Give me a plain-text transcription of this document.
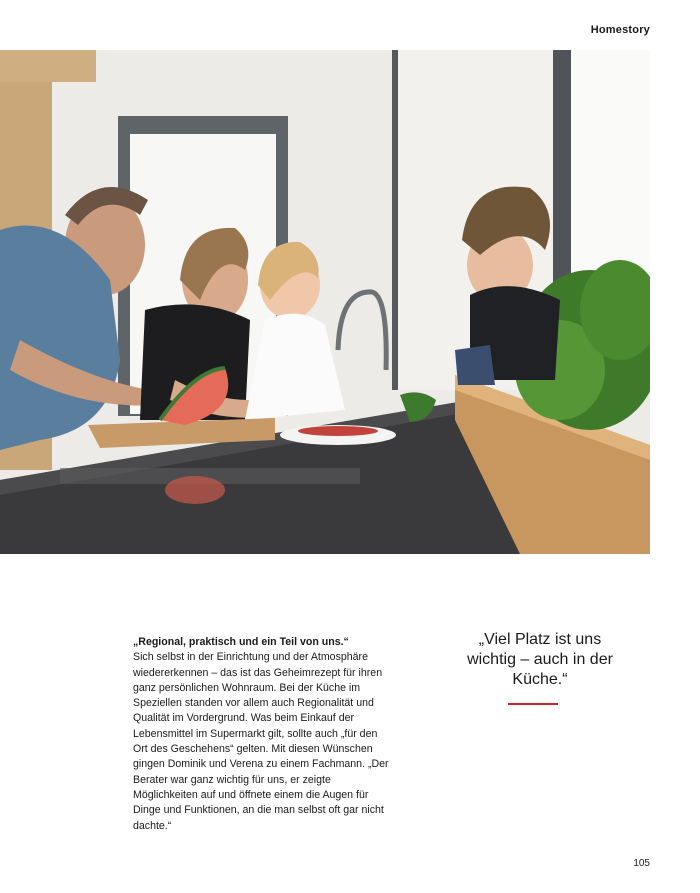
Homestory
„Regional, praktisch und ein Teil von uns.“
Sich selbst in der Einrichtung und der Atmosphäre wiedererkennen – das ist das Geheimrezept für ihren ganz persönlichen Wohnraum. Bei der Küche im Speziellen standen vor allem auch Regionalität und Qualität im Vordergrund. Was beim Einkauf der Lebensmittel im Supermarkt gilt, sollte auch „für den Ort des Geschehens“ gelten. Mit diesen Wünschen gingen Dominik und Verena zu einem Fachmann. „Der Berater war ganz wichtig für uns, er zeigte Möglichkeiten auf und öffnete einem die Augen für Dinge und Funktionen, an die man selbst oft gar nicht dachte.“
„Viel Platz ist uns wichtig – auch in der Küche.“
105
